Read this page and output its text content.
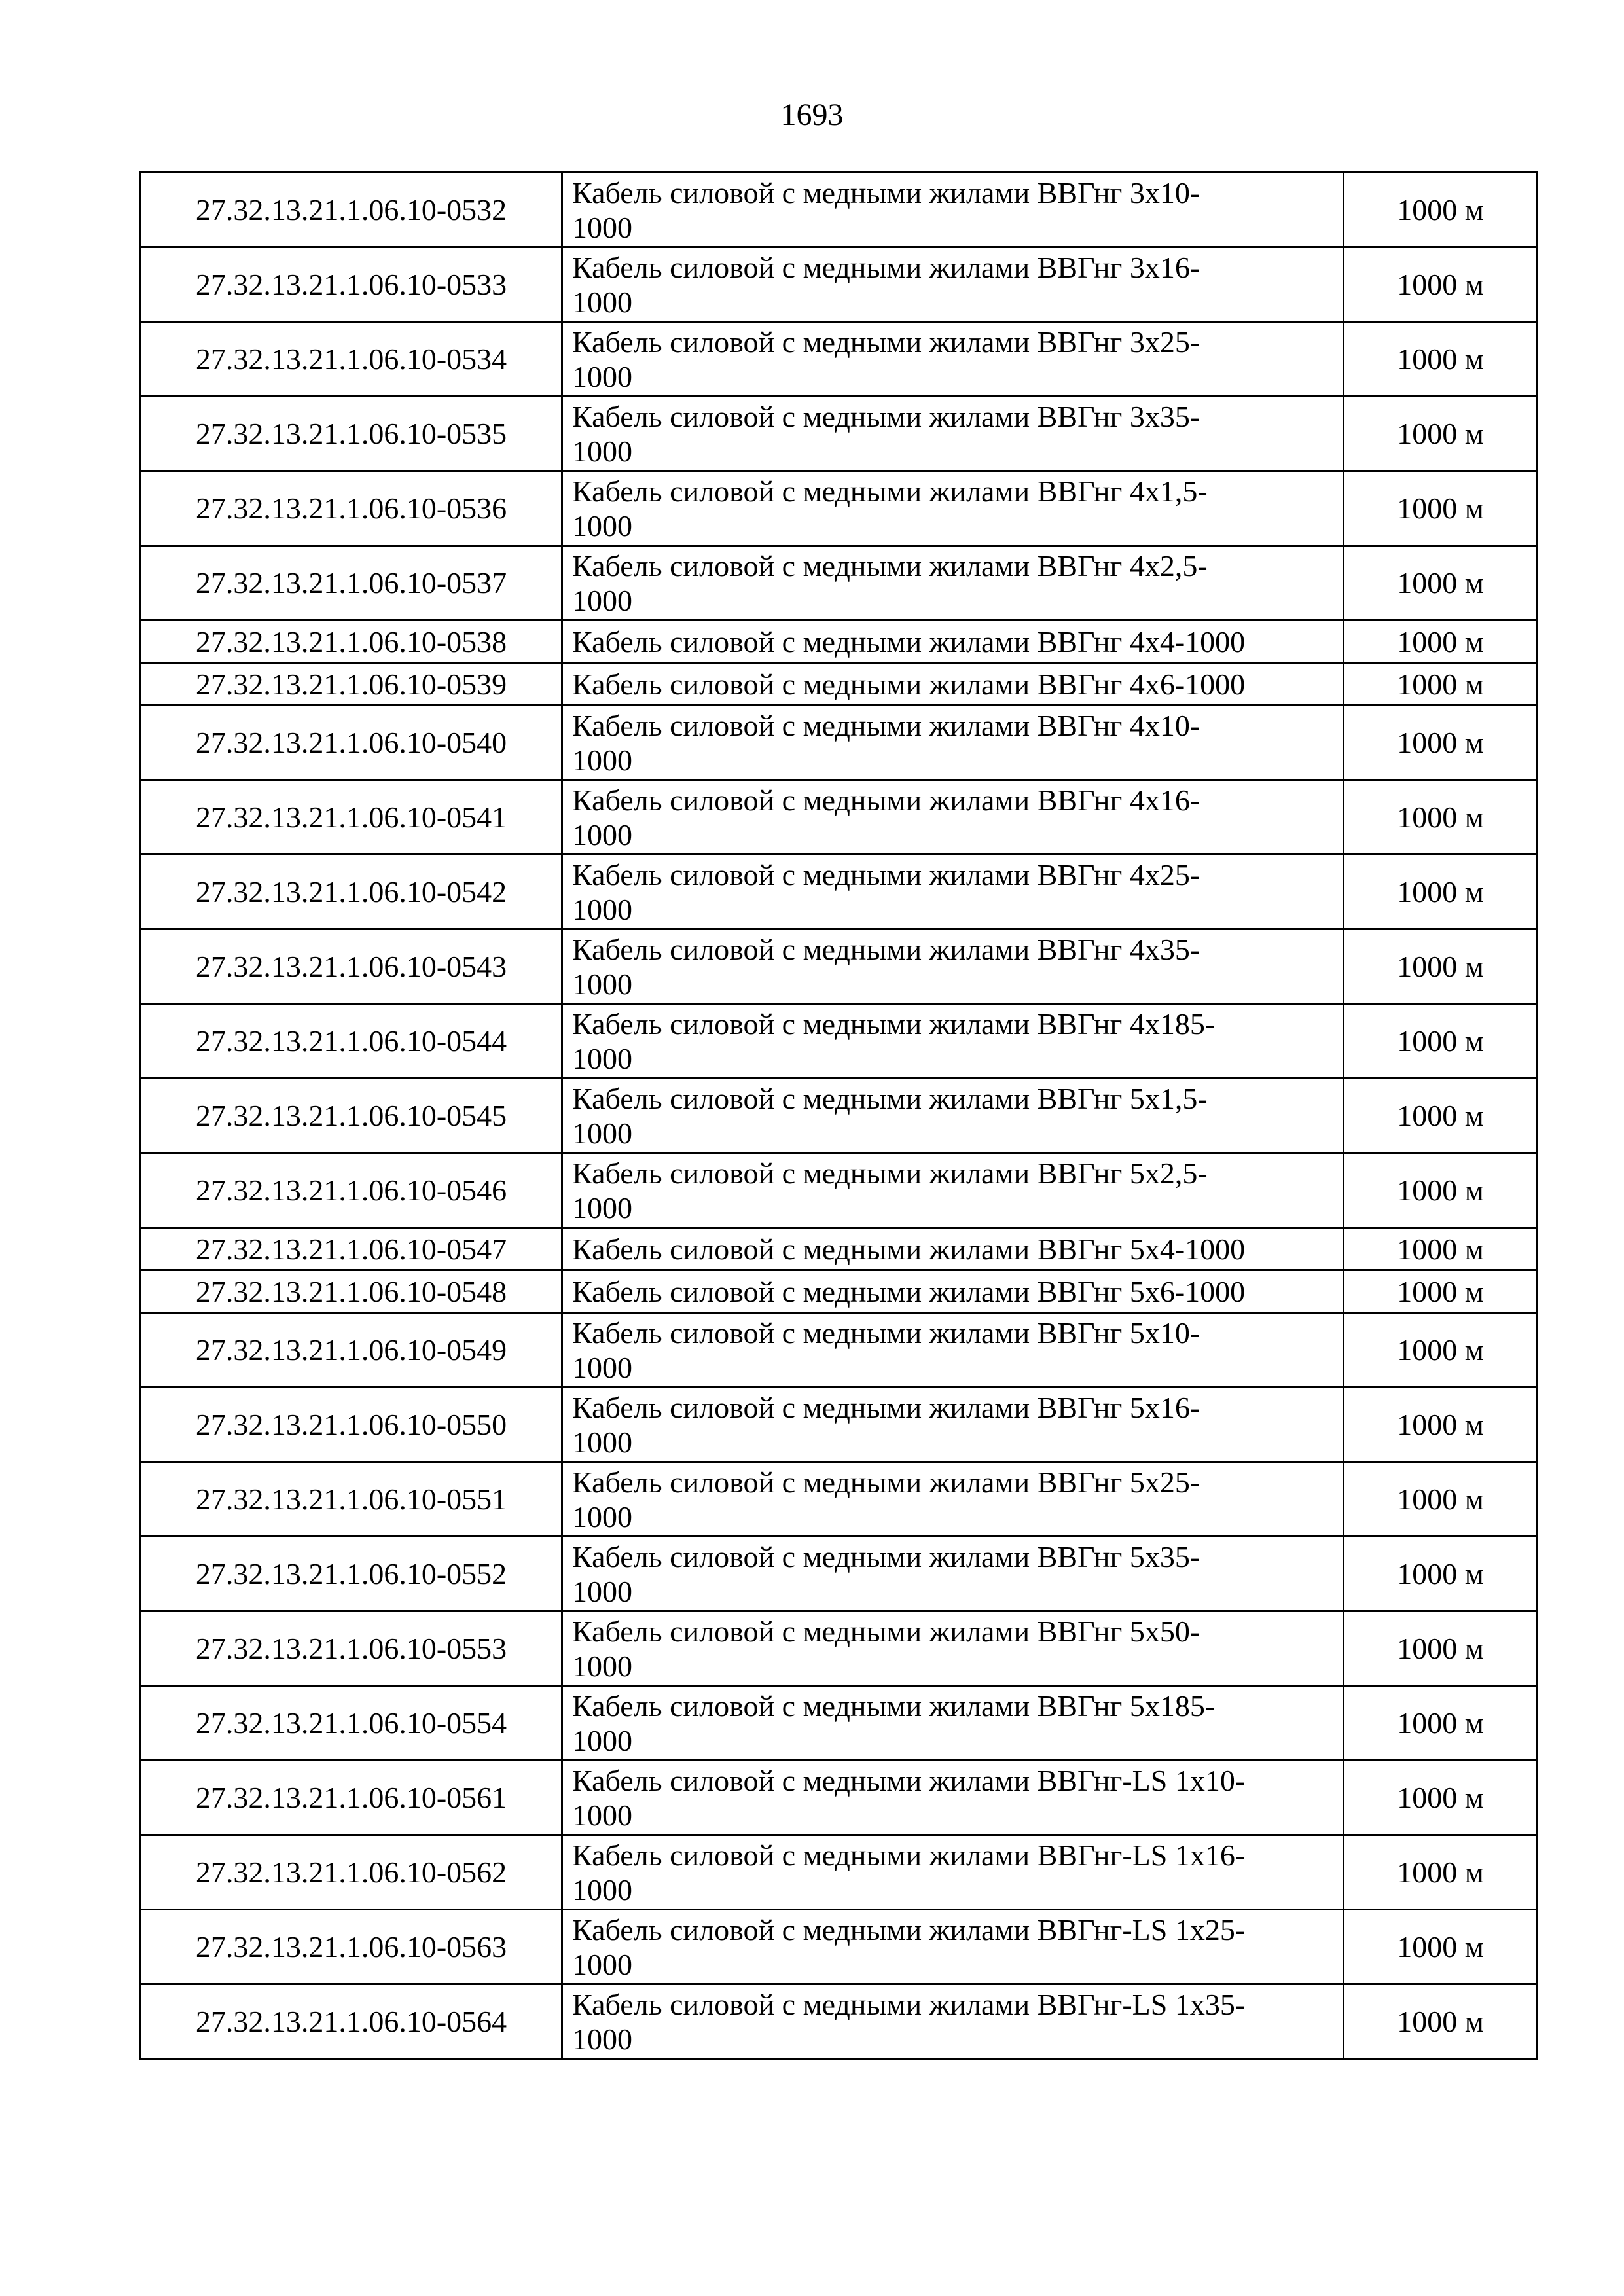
1693
27.32.13.21.1.06.10-0532	Кабель силовой с медными жилами ВВГнг 3x10-
1000	1000 м
27.32.13.21.1.06.10-0533	Кабель силовой с медными жилами ВВГнг 3x16-
1000	1000 м
27.32.13.21.1.06.10-0534	Кабель силовой с медными жилами ВВГнг 3x25-
1000	1000 м
27.32.13.21.1.06.10-0535	Кабель силовой с медными жилами ВВГнг 3x35-
1000	1000 м
27.32.13.21.1.06.10-0536	Кабель силовой с медными жилами ВВГнг 4x1,5-
1000	1000 м
27.32.13.21.1.06.10-0537	Кабель силовой с медными жилами ВВГнг 4x2,5-
1000	1000 м
27.32.13.21.1.06.10-0538	Кабель силовой с медными жилами ВВГнг 4x4-1000	1000 м
27.32.13.21.1.06.10-0539	Кабель силовой с медными жилами ВВГнг 4x6-1000	1000 м
27.32.13.21.1.06.10-0540	Кабель силовой с медными жилами ВВГнг 4x10-
1000	1000 м
27.32.13.21.1.06.10-0541	Кабель силовой с медными жилами ВВГнг 4x16-
1000	1000 м
27.32.13.21.1.06.10-0542	Кабель силовой с медными жилами ВВГнг 4x25-
1000	1000 м
27.32.13.21.1.06.10-0543	Кабель силовой с медными жилами ВВГнг 4x35-
1000	1000 м
27.32.13.21.1.06.10-0544	Кабель силовой с медными жилами ВВГнг 4x185-
1000	1000 м
27.32.13.21.1.06.10-0545	Кабель силовой с медными жилами ВВГнг 5x1,5-
1000	1000 м
27.32.13.21.1.06.10-0546	Кабель силовой с медными жилами ВВГнг 5x2,5-
1000	1000 м
27.32.13.21.1.06.10-0547	Кабель силовой с медными жилами ВВГнг 5x4-1000	1000 м
27.32.13.21.1.06.10-0548	Кабель силовой с медными жилами ВВГнг 5x6-1000	1000 м
27.32.13.21.1.06.10-0549	Кабель силовой с медными жилами ВВГнг 5x10-
1000	1000 м
27.32.13.21.1.06.10-0550	Кабель силовой с медными жилами ВВГнг 5x16-
1000	1000 м
27.32.13.21.1.06.10-0551	Кабель силовой с медными жилами ВВГнг 5x25-
1000	1000 м
27.32.13.21.1.06.10-0552	Кабель силовой с медными жилами ВВГнг 5x35-
1000	1000 м
27.32.13.21.1.06.10-0553	Кабель силовой с медными жилами ВВГнг 5x50-
1000	1000 м
27.32.13.21.1.06.10-0554	Кабель силовой с медными жилами ВВГнг 5x185-
1000	1000 м
27.32.13.21.1.06.10-0561	Кабель силовой с медными жилами ВВГнг-LS 1x10-
1000	1000 м
27.32.13.21.1.06.10-0562	Кабель силовой с медными жилами ВВГнг-LS 1x16-
1000	1000 м
27.32.13.21.1.06.10-0563	Кабель силовой с медными жилами ВВГнг-LS 1x25-
1000	1000 м
27.32.13.21.1.06.10-0564	Кабель силовой с медными жилами ВВГнг-LS 1x35-
1000	1000 м
